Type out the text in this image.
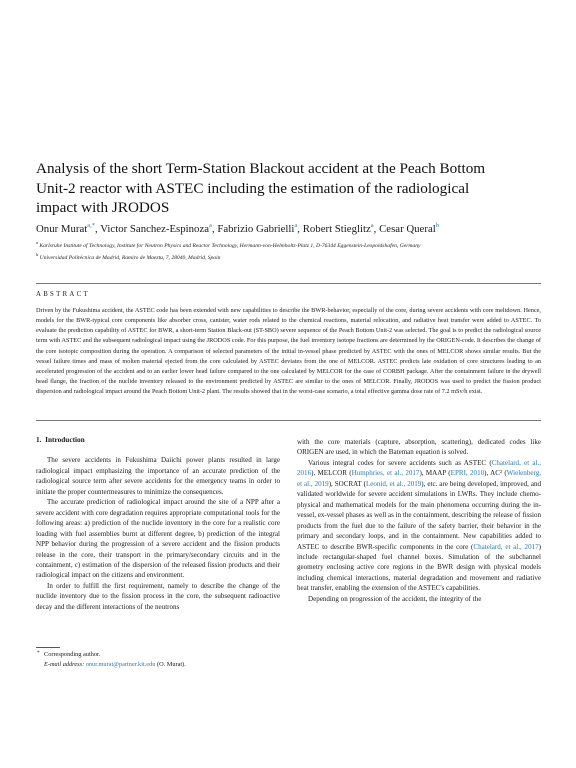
Analysis of the short Term-Station Blackout accident at the Peach Bottom Unit-2 reactor with ASTEC including the estimation of the radiological impact with JRODOS
Onur Murat$^{a,*}$, Victor Sanchez-Espinoza$^a$, Fabrizio Gabrielli$^a$, Robert Stieglitz$^a$, Cesar Queral$^b$
$^a$ Karlsruhe Institute of Technology, Institute for Neutron Physics and Reactor Technology, Hermann-von-Helmholtz-Platz 1, D-76344 Eggenstein-Leopoldshafen, Germany
$^b$ Universidad Politécnica de Madrid, Ramiro de Maeztu, 7, 28040, Madrid, Spain
ABSTRACT
Driven by the Fukushima accident, the ASTEC code has been extended with new capabilities to describe the BWR-behavior, especially of the core, during severe accidents with core meltdown. Hence, models for the BWR-typical core components like absorber cross, canister, water rods related to the chemical reactions, material relocation, and radiative heat transfer were added to ASTEC. To evaluate the prediction capability of ASTEC for BWR, a short-term Station Black-out (ST-SBO) severe sequence of the Peach Bottom Unit-2 was selected. The goal is to predict the radiological source term with ASTEC and the subsequent radiological impact using the JRODOS code. For this purpose, the fuel inventory isotope fractions are determined by the ORIGEN-code. It describes the change of the core isotopic composition during the operation. A comparison of selected parameters of the initial in-vessel phase predicted by ASTEC with the ones of MELCOR shows similar results. But the vessel failure times and mass of molten material ejected from the core calculated by ASTEC deviates from the one of MELCOR. ASTEC predicts late oxidation of core structures leading to an accelerated progression of the accident and to an earlier lower head failure compared to the one calculated by MELCOR for the case of CORBH package. After the containment failure in the drywell head flange, the fraction of the nuclide inventory released to the environment predicted by ASTEC are similar to the ones of MELCOR. Finally, JRODOS was used to predict the fission product dispersion and radiological impact around the Peach Bottom Unit-2 plant. The results showed that in the worst-case scenario, a total effective gamma dose rate of 7.2 mSv/h exist.
1. Introduction

The severe accidents in Fukushima Daiichi power plants resulted in large radiological impact emphasizing the importance of an accurate prediction of the radiological source term after severe accidents for the emergency teams in order to initiate the proper countermeasures to minimize the consequences.

The accurate prediction of radiological impact around the site of a NPP after a severe accident with core degradation requires appropriate computational tools for the following areas: a) prediction of the nuclide inventory in the core for a realistic core loading with fuel assemblies burnt at different degree, b) prediction of the integral NPP behavior during the progression of a severe accident and the fission products release in the core, their transport in the primary/secondary circuits and in the containment, c) estimation of the dispersion of the released fission products and their radiological impact on the citizens and environment.

In order to fulfill the first requirement, namely to describe the change of the nuclide inventory due to the fission process in the core, the subsequent radioactive decay and the different interactions of the neutrons

with the core materials (capture, absorption, scattering), dedicated codes like ORIGEN are used, in which the Bateman equation is solved.

Various integral codes for severe accidents such as ASTEC (Chatelard, et al., 2016), MELCOR (Humphries, et al., 2017), MAAP (EPRI, 2010), AC² (Wielenberg, et al., 2019), SOCRAT (Leonid, et al., 2019), etc. are being developed, improved, and validated worldwide for severe accident simulations in LWRs. They include chemo-physical and mathematical models for the main phenomena occurring during the in-vessel, ex-vessel phases as well as in the containment, describing the release of fission products from the fuel due to the failure of the safety barrier, their behavior in the primary and secondary loops, and in the containment. New capabilities added to ASTEC to describe BWR-specific components in the core (Chatelard, et al., 2017) include rectangular-shaped fuel channel boxes. Simulation of the subchannel geometry enclosing active core regions in the BWR design with physical models including chemical interactions, material degradation and movement and radiative heat transfer, enabling the extension of the ASTEC's capabilities.

Depending on progression of the accident, the integrity of the

* Corresponding author.
E-mail address: onur.murat@partner.kit.edu (O. Murat).
